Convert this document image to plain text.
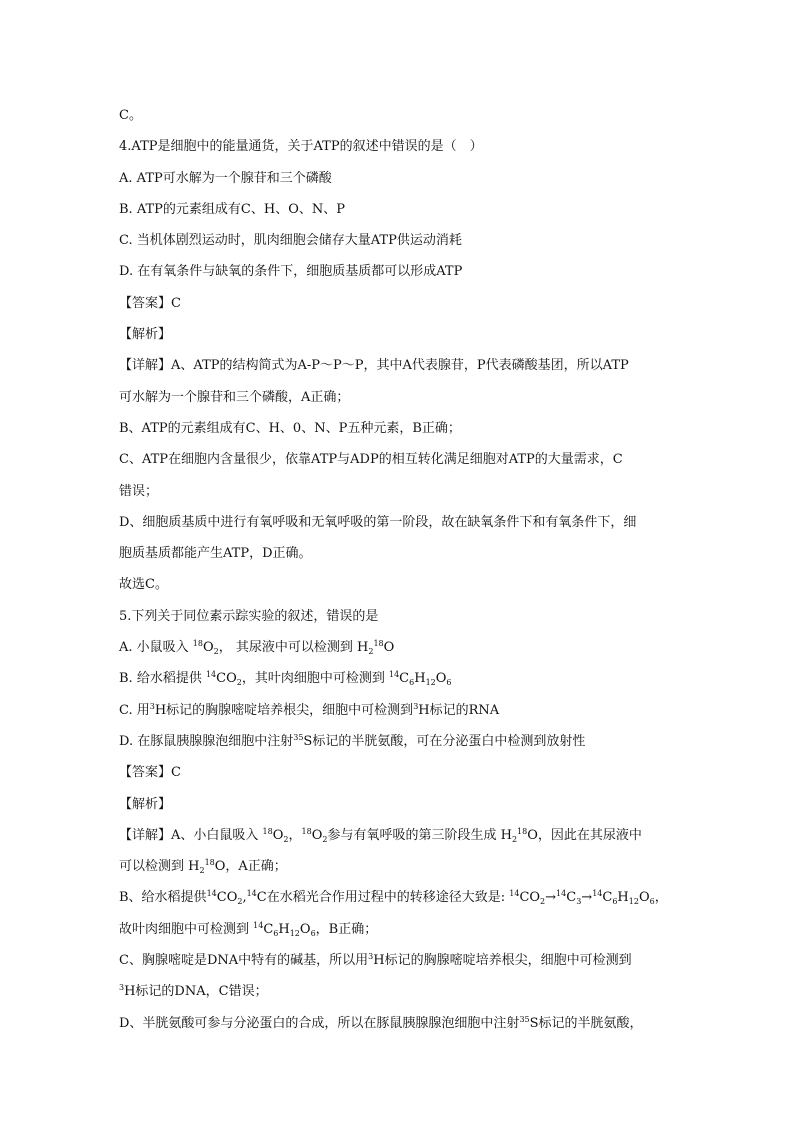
C。
4.ATP是细胞中的能量通货，关于ATP的叙述中错误的是（　）
A. ATP可水解为一个腺苷和三个磷酸
B. ATP的元素组成有C、H、O、N、P
C. 当机体剧烈运动时，肌肉细胞会储存大量ATP供运动消耗
D. 在有氧条件与缺氧的条件下，细胞质基质都可以形成ATP
【答案】C
【解析】
【详解】A、ATP的结构简式为A-P～P～P，其中A代表腺苷，P代表磷酸基团，所以ATP
可水解为一个腺苷和三个磷酸，A正确；
B、ATP的元素组成有C、H、0、N、P五种元素，B正确；
C、ATP在细胞内含量很少，依靠ATP与ADP的相互转化满足细胞对ATP的大量需求，C
错误；
D、细胞质基质中进行有氧呼吸和无氧呼吸的第一阶段，故在缺氧条件下和有氧条件下，细
胞质基质都能产生ATP，D正确。
故选C。
5.下列关于同位素示踪实验的叙述，错误的是
A. 小鼠吸入 $^{18}O_2$， 其尿液中可以检测到 $H_2^{18}O$
B. 给水稻提供 $^{14}CO_2$，其叶肉细胞中可检测到 $^{14}C_6H_{12}O_6$
C. 用$^3$H标记的胸腺嘧啶培养根尖，细胞中可检测到$^3$H标记的RNA
D. 在豚鼠胰腺腺泡细胞中注射$^{35}$S标记的半胱氨酸，可在分泌蛋白中检测到放射性
【答案】C
【解析】
【详解】A、小白鼠吸入 $^{18}O_2$，$^{18}O_2$参与有氧呼吸的第三阶段生成 $H_2^{18}O$，因此在其尿液中
可以检测到 $H_2^{18}O$，A正确；
B、给水稻提供$^{14}CO_2,^{14}C$在水稻光合作用过程中的转移途径大致是: $^{14}CO_2\to^{14}C_3\to^{14}C_6H_{12}O_6$，
故叶肉细胞中可检测到 $^{14}C_6H_{12}O_6$，B正确；
C、胸腺嘧啶是DNA中特有的碱基，所以用$^3$H标记的胸腺嘧啶培养根尖，细胞中可检测到
$^3$H标记的DNA，C错误；
D、半胱氨酸可参与分泌蛋白的合成，所以在豚鼠胰腺腺泡细胞中注射$^{35}$S标记的半胱氨酸，
